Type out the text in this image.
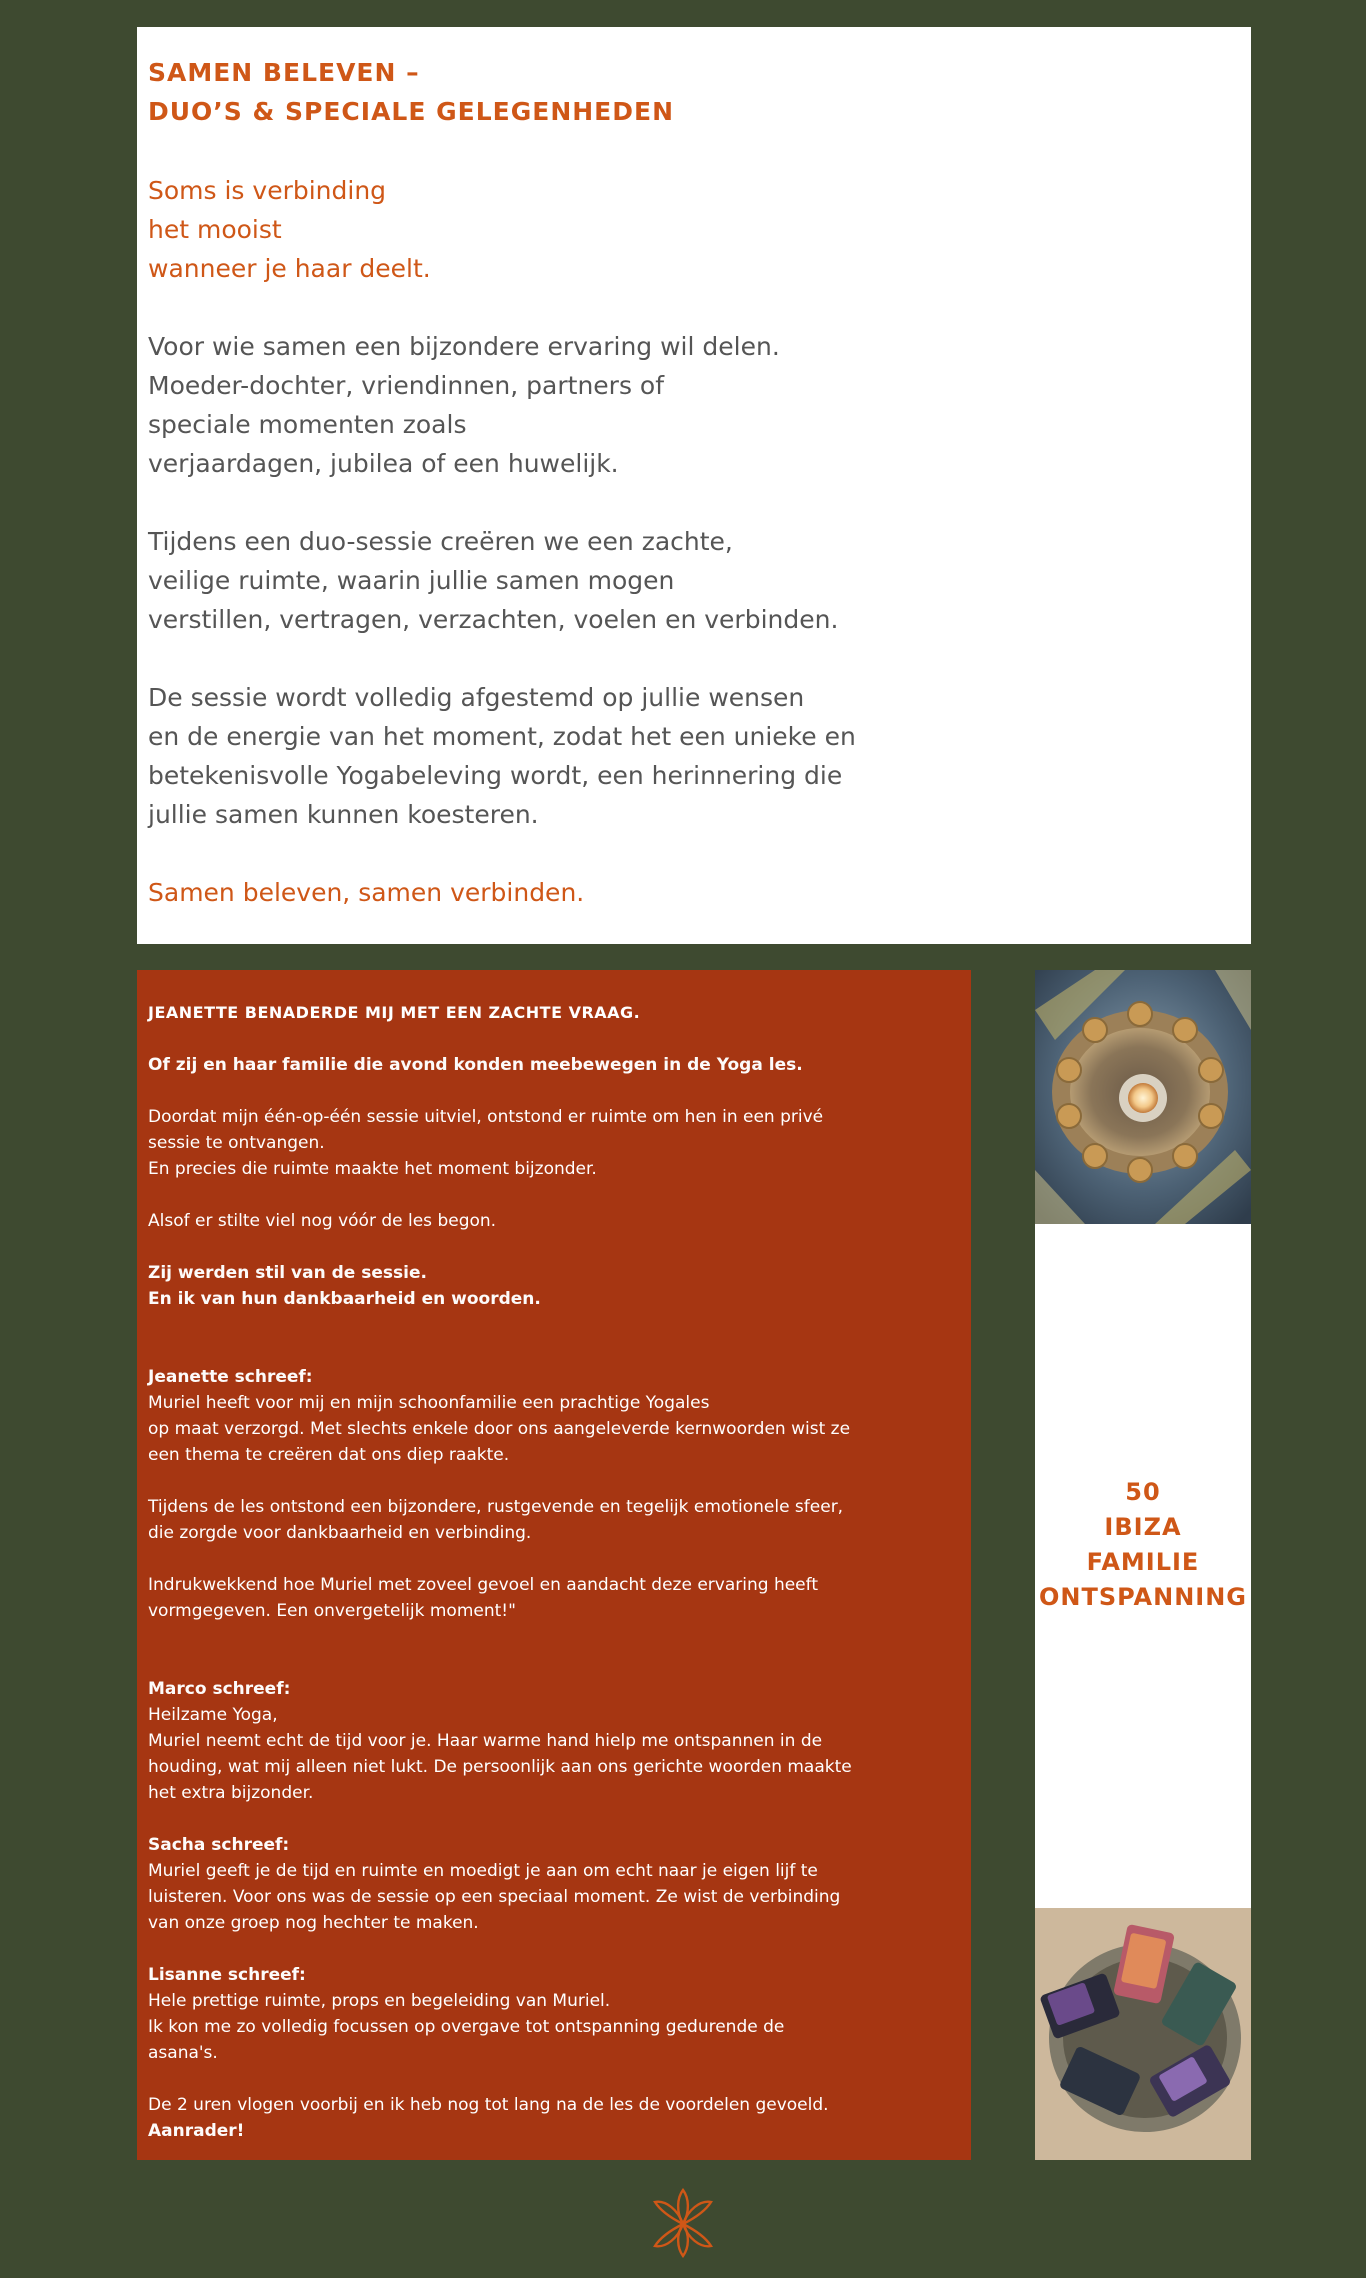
SAMEN BELEVEN –
DUO’S & SPECIALE GELEGENHEDEN
Soms is verbinding
het mooist
wanneer je haar deelt.
Voor wie samen een bijzondere ervaring wil delen.
Moeder-dochter, vriendinnen, partners of
speciale momenten zoals
verjaardagen, jubilea of een huwelijk.
Tijdens een duo-sessie creëren we een zachte,
veilige ruimte, waarin jullie samen mogen
verstillen, vertragen, verzachten, voelen en verbinden.
De sessie wordt volledig afgestemd op jullie wensen
en de energie van het moment, zodat het een unieke en
betekenisvolle Yogabeleving wordt, een herinnering die
jullie samen kunnen koesteren.
Samen beleven, samen verbinden.
JEANETTE BENADERDE MIJ MET EEN ZACHTE VRAAG.
Of zij en haar familie die avond konden meebewegen in de Yoga les.
Doordat mijn één-op-één sessie uitviel, ontstond er ruimte om hen in een privé
sessie te ontvangen.
En precies die ruimte maakte het moment bijzonder.
Alsof er stilte viel nog vóór de les begon.
Zij werden stil van de sessie.
En ik van hun dankbaarheid en woorden.
Jeanette schreef:
Muriel heeft voor mij en mijn schoonfamilie een prachtige Yogales
op maat verzorgd. Met slechts enkele door ons aangeleverde kernwoorden wist ze
een thema te creëren dat ons diep raakte.
Tijdens de les ontstond een bijzondere, rustgevende en tegelijk emotionele sfeer,
die zorgde voor dankbaarheid en verbinding.
Indrukwekkend hoe Muriel met zoveel gevoel en aandacht deze ervaring heeft
vormgegeven. Een onvergetelijk moment!"
Marco schreef:
Heilzame Yoga,
Muriel neemt echt de tijd voor je. Haar warme hand hielp me ontspannen in de
houding, wat mij alleen niet lukt. De persoonlijk aan ons gerichte woorden maakte
het extra bijzonder.
Sacha schreef:
Muriel geeft je de tijd en ruimte en moedigt je aan om echt naar je eigen lijf te
luisteren. Voor ons was de sessie op een speciaal moment. Ze wist de verbinding
van onze groep nog hechter te maken.
Lisanne schreef:
Hele prettige ruimte, props en begeleiding van Muriel.
Ik kon me zo volledig focussen op overgave tot ontspanning gedurende de
asana's.
De 2 uren vlogen voorbij en ik heb nog tot lang na de les de voordelen gevoeld.
Aanrader!
50
IBIZA
FAMILIE
ONTSPANNING
